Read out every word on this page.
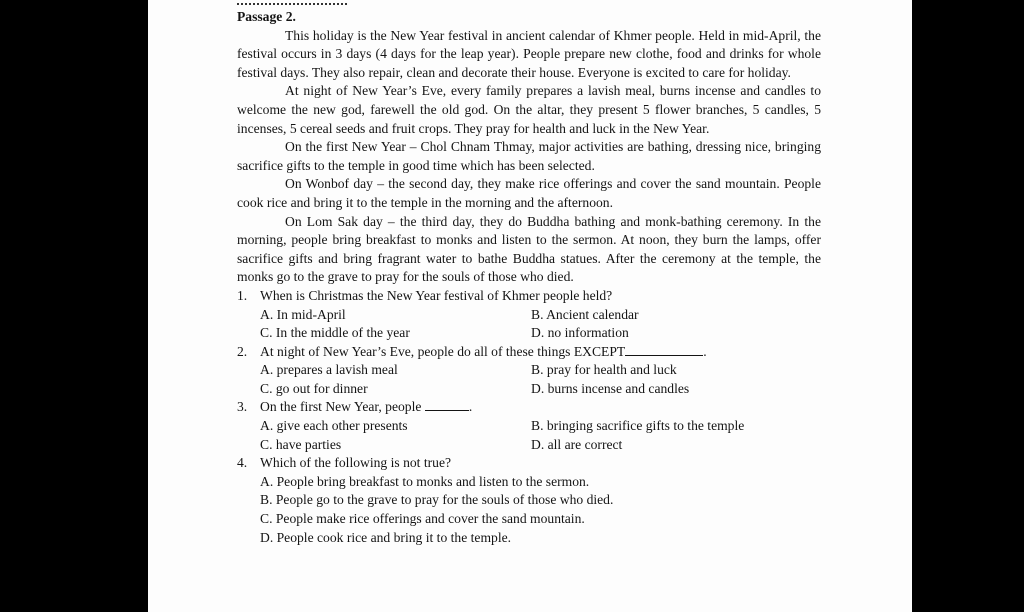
Passage 2.

This holiday is the New Year festival in ancient calendar of Khmer people. Held in mid-April, the festival occurs in 3 days (4 days for the leap year). People prepare new clothe, food and drinks for whole festival days. They also repair, clean and decorate their house. Everyone is excited to care for holiday.

At night of New Year’s Eve, every family prepares a lavish meal, burns incense and candles to welcome the new god, farewell the old god. On the altar, they present 5 flower branches, 5 candles, 5 incenses, 5 cereal seeds and fruit crops. They pray for health and luck in the New Year.

On the first New Year – Chol Chnam Thmay, major activities are bathing, dressing nice, bringing sacrifice gifts to the temple in good time which has been selected.

On Wonbof day – the second day, they make rice offerings and cover the sand mountain. People cook rice and bring it to the temple in the morning and the afternoon.

On Lom Sak day – the third day, they do Buddha bathing and monk-bathing ceremony. In the morning, people bring breakfast to monks and listen to the sermon. At noon, they burn the lamps, offer sacrifice gifts and bring fragrant water to bathe Buddha statues. After the ceremony at the temple, the monks go to the grave to pray for the souls of those who died.

1. When is Christmas the New Year festival of Khmer people held?
A. In mid-April	B. Ancient calendar
C. In the middle of the year	D. no information
2. At night of New Year’s Eve, people do all of these things EXCEPT	.
A. prepares a lavish meal	B. pray for health and luck
C. go out for dinner	D. burns incense and candles
3. On the first New Year, people	.
A. give each other presents	B. bringing sacrifice gifts to the temple
C. have parties	D. all are correct
4. Which of the following is not true?

A. People bring breakfast to monks and listen to the sermon.

B. People go to the grave to pray for the souls of those who died.

C. People make rice offerings and cover the sand mountain.

D. People cook rice and bring it to the temple.
